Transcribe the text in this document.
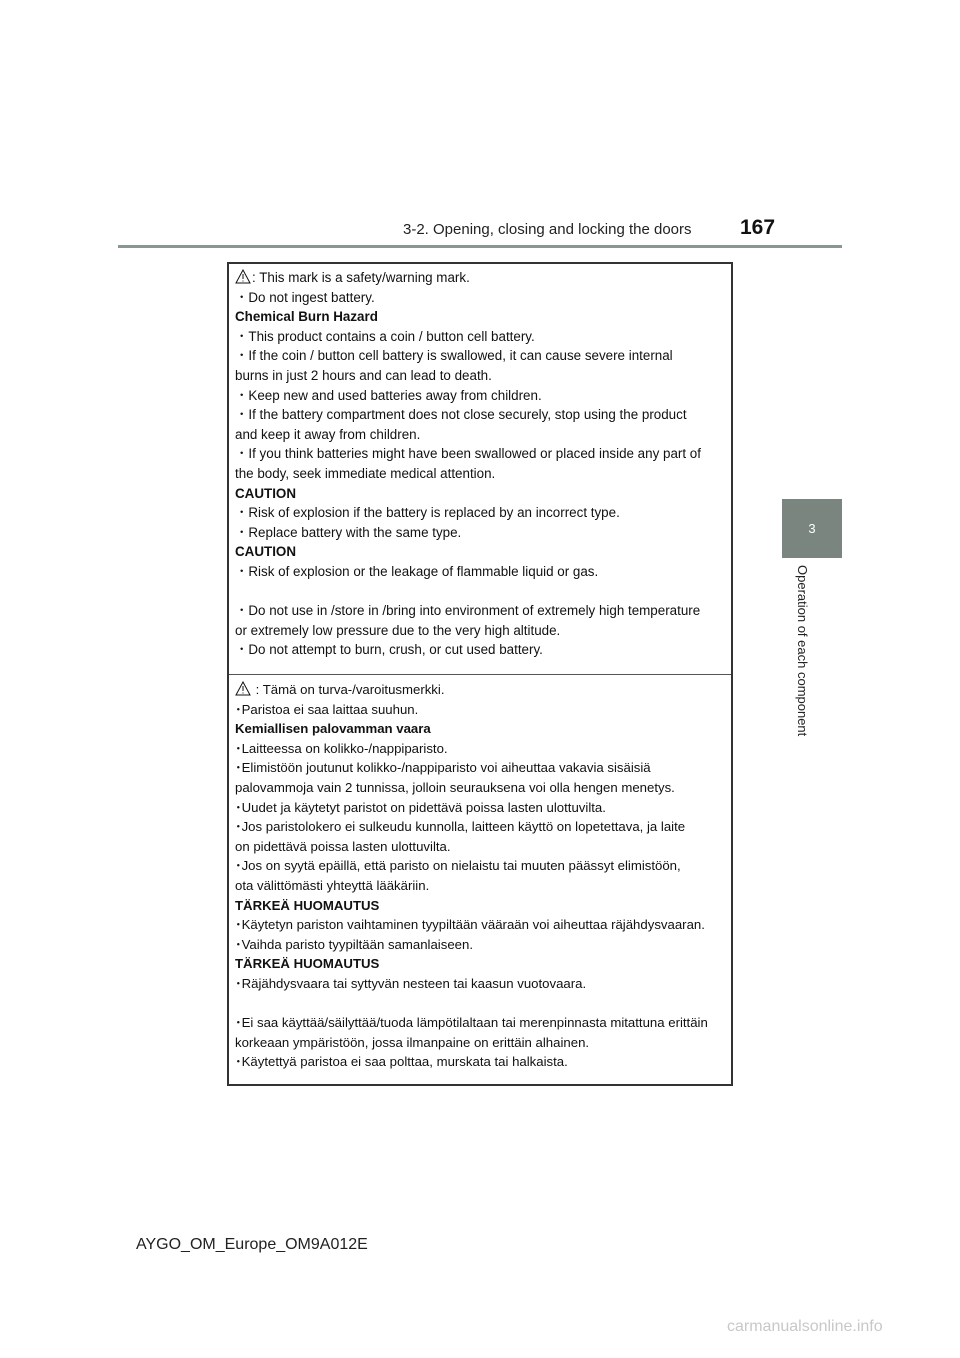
3-2. Opening, closing and locking the doors 167
3
Operation of each component
: This mark is a safety/warning mark.
・Do not ingest battery.
Chemical Burn Hazard
・This product contains a coin / button cell battery.
・If the coin / button cell battery is swallowed, it can cause severe internal
burns in just 2 hours and can lead to death.
・Keep new and used batteries away from children.
・If the battery compartment does not close securely, stop using the product
and keep it away from children.
・If you think batteries might have been swallowed or placed inside any part of
the body, seek immediate medical attention.
CAUTION
・Risk of explosion if the battery is replaced by an incorrect type.
・Replace battery with the same type.
CAUTION
・Risk of explosion or the leakage of flammable liquid or gas.
・Do not use in /store in /bring into environment of extremely high temperature
or extremely low pressure due to the very high altitude.
・Do not attempt to burn, crush, or cut used battery.
: Tämä on turva-/varoitusmerkki.
･Paristoa ei saa laittaa suuhun.
Kemiallisen palovamman vaara
･Laitteessa on kolikko-/nappiparisto.
･Elimistöön joutunut kolikko-/nappiparisto voi aiheuttaa vakavia sisäisiä
palovammoja vain 2 tunnissa, jolloin seurauksena voi olla hengen menetys.
･Uudet ja käytetyt paristot on pidettävä poissa lasten ulottuvilta.
･Jos paristolokero ei sulkeudu kunnolla, laitteen käyttö on lopetettava, ja laite
on pidettävä poissa lasten ulottuvilta.
･Jos on syytä epäillä, että paristo on nielaistu tai muuten päässyt elimistöön,
ota välittömästi yhteyttä lääkäriin.
TÄRKEÄ HUOMAUTUS
･Käytetyn pariston vaihtaminen tyypiltään vääraän voi aiheuttaa räjähdysvaaran.
･Vaihda paristo tyypiltään samanlaiseen.
TÄRKEÄ HUOMAUTUS
･Räjähdysvaara tai syttyvän nesteen tai kaasun vuotovaara.
･Ei saa käyttää/säilyttää/tuoda lämpötilaltaan tai merenpinnasta mitattuna erittäin
korkeaan ympäristöön, jossa ilmanpaine on erittäin alhainen.
･Käytettyä paristoa ei saa polttaa, murskata tai halkaista.
AYGO_OM_Europe_OM9A012E
carmanualsonline.info
